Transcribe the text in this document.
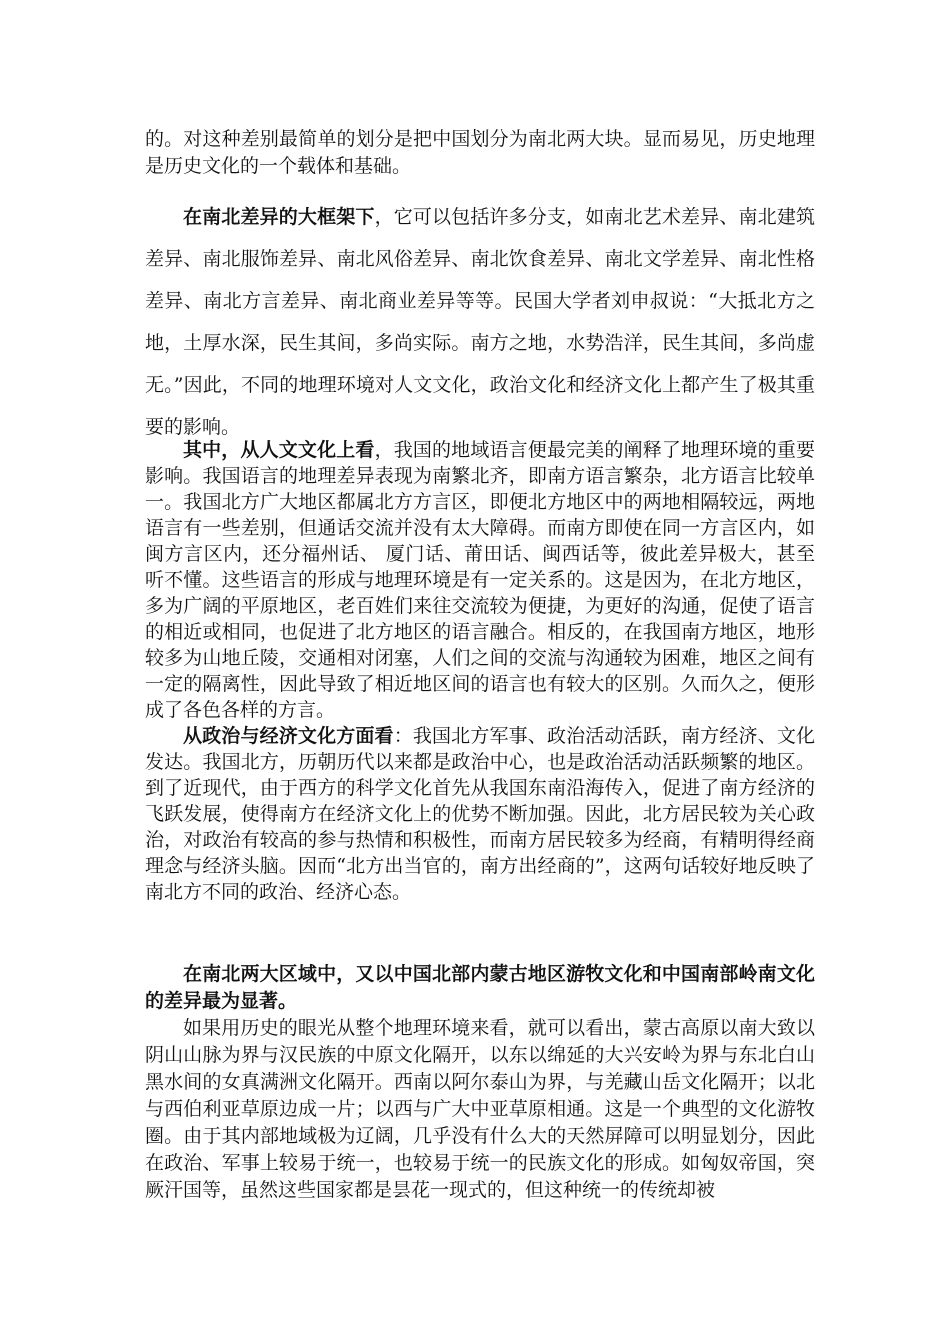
的。对这种差别最简单的划分是把中国划分为南北两大块。显而易见，历史地理是历史文化的一个载体和基础。

在南北差异的大框架下，它可以包括许多分支，如南北艺术差异、南北建筑差异、南北服饰差异、南北风俗差异、南北饮食差异、南北文学差异、南北性格差异、南北方言差异、南北商业差异等等。民国大学者刘申叔说：“大抵北方之地，土厚水深，民生其间，多尚实际。南方之地，水势浩洋，民生其间，多尚虚无。”因此，不同的地理环境对人文文化，政治文化和经济文化上都产生了极其重要的影响。

其中，从人文文化上看，我国的地域语言便最完美的阐释了地理环境的重要影响。我国语言的地理差异表现为南繁北齐，即南方语言繁杂，北方语言比较单一。我国北方广大地区都属北方方言区，即便北方地区中的两地相隔较远，两地语言有一些差别，但通话交流并没有太大障碍。而南方即使在同一方言区内，如闽方言区内，还分福州话、 厦门话、莆田话、闽西话等，彼此差异极大，甚至听不懂。这些语言的形成与地理环境是有一定关系的。这是因为，在北方地区，多为广阔的平原地区，老百姓们来往交流较为便捷，为更好的沟通，促使了语言的相近或相同，也促进了北方地区的语言融合。相反的，在我国南方地区，地形较多为山地丘陵，交通相对闭塞，人们之间的交流与沟通较为困难，地区之间有一定的隔离性，因此导致了相近地区间的语言也有较大的区别。久而久之，便形成了各色各样的方言。

从政治与经济文化方面看：我国北方军事、政治活动活跃，南方经济、文化发达。我国北方，历朝历代以来都是政治中心，也是政治活动活跃频繁的地区。到了近现代，由于西方的科学文化首先从我国东南沿海传入，促进了南方经济的飞跃发展，使得南方在经济文化上的优势不断加强。因此，北方居民较为关心政治，对政治有较高的参与热情和积极性，而南方居民较多为经商，有精明得经商理念与经济头脑。因而“北方出当官的，南方出经商的”，这两句话较好地反映了南北方不同的政治、经济心态。

在南北两大区域中，又以中国北部内蒙古地区游牧文化和中国南部岭南文化的差异最为显著。

如果用历史的眼光从整个地理环境来看，就可以看出，蒙古高原以南大致以阴山山脉为界与汉民族的中原文化隔开，以东以绵延的大兴安岭为界与东北白山黑水间的女真满洲文化隔开。西南以阿尔泰山为界，与羌藏山岳文化隔开；以北与西伯利亚草原边成一片；以西与广大中亚草原相通。这是一个典型的文化游牧圈。由于其内部地域极为辽阔，几乎没有什么大的天然屏障可以明显划分，因此在政治、军事上较易于统一，也较易于统一的民族文化的形成。如匈奴帝国，突厥汗国等，虽然这些国家都是昙花一现式的，但这种统一的传统却被
